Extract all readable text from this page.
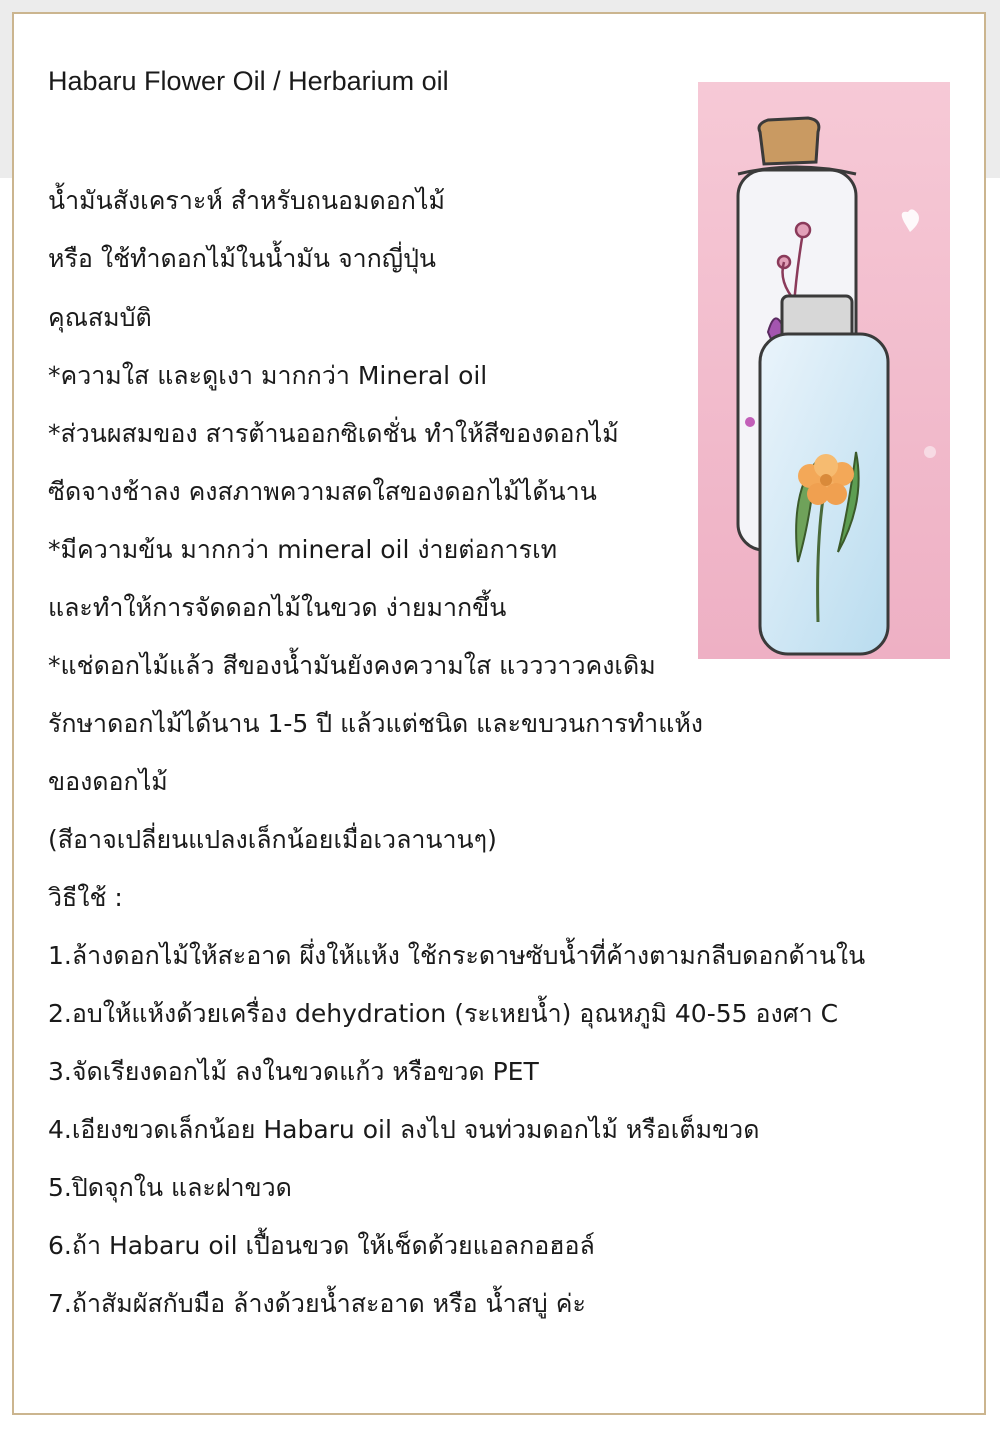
Habaru Flower Oil / Herbarium oil
น้ำมันสังเคราะห์ สำหรับถนอมดอกไม้
หรือ ใช้ทำดอกไม้ในน้ำมัน จากญี่ปุ่น
คุณสมบัติ
*ความใส และดูเงา มากกว่า Mineral oil
*ส่วนผสมของ สารต้านออกซิเดชั่น ทำให้สีของดอกไม้
ซีดจางช้าลง คงสภาพความสดใสของดอกไม้ได้นาน
*มีความข้น มากกว่า mineral oil ง่ายต่อการเท
และทำให้การจัดดอกไม้ในขวด ง่ายมากขึ้น
*แช่ดอกไม้แล้ว สีของน้ำมันยังคงความใส แวววาวคงเดิม
รักษาดอกไม้ได้นาน 1-5 ปี แล้วแต่ชนิด และขบวนการทำแห้ง
ของดอกไม้
(สีอาจเปลี่ยนแปลงเล็กน้อยเมื่อเวลานานๆ)
วิธีใช้ :
1.ล้างดอกไม้ให้สะอาด ผึ่งให้แห้ง ใช้กระดาษซับน้ำที่ค้างตามกลีบดอกด้านใน
2.อบให้แห้งด้วยเครื่อง dehydration (ระเหยน้ำ) อุณหภูมิ 40-55 องศา C
3.จัดเรียงดอกไม้ ลงในขวดแก้ว หรือขวด PET
4.เอียงขวดเล็กน้อย Habaru oil ลงไป จนท่วมดอกไม้ หรือเต็มขวด
5.ปิดจุกใน และฝาขวด
6.ถ้า Habaru oil เปื้อนขวด ให้เช็ดด้วยแอลกอฮอล์
7.ถ้าสัมผัสกับมือ ล้างด้วยน้ำสะอาด หรือ น้ำสบู่ ค่ะ
